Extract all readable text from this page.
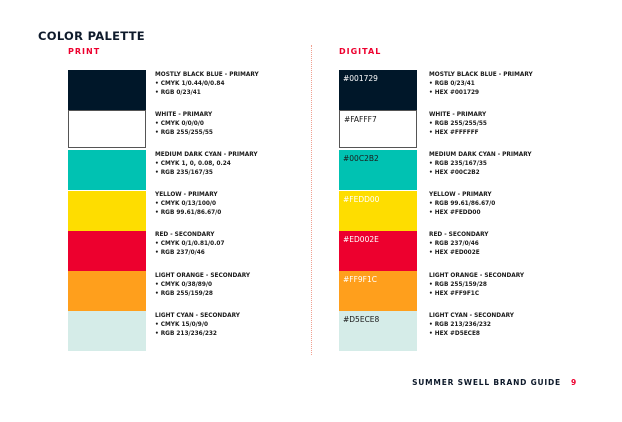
COLOR PALETTE
PRINT	DIGITAL
MOSTLY BLACK BLUE - PRIMARY
• CMYK 1/0.44/0/0.84
• RGB 0/23/41
#001729	MOSTLY BLACK BLUE - PRIMARY
• RGB 0/23/41
• HEX #001729
WHITE - PRIMARY
• CMYK 0/0/0/0
• RGB 255/255/55
#FAFFF7
WHITE - PRIMARY
• RGB 255/255/55
• HEX #FFFFFF
MEDIUM DARK CYAN - PRIMARY
• CMYK 1, 0, 0.08, 0.24
• RGB 235/167/35
#00C2B2	MEDIUM DARK CYAN - PRIMARY
• RGB 235/167/35
• HEX #00C2B2
YELLOW - PRIMARY
• CMYK 0/13/100/0
• RGB 99.61/86.67/0
#FEDD00	YELLOW - PRIMARY
• RGB 99.61/86.67/0
• HEX #FEDD00
RED - SECONDARY
• CMYK 0/1/0.81/0.07
• RGB 237/0/46
#ED002E	RED - SECONDARY
• RGB 237/0/46
• HEX #ED002E
LIGHT ORANGE - SECONDARY
• CMYK 0/38/89/0
• RGB 255/159/28
#FF9F1C	LIGHT ORANGE - SECONDARY
• RGB 255/159/28
• HEX #FF9F1C
LIGHT CYAN - SECONDARY
• CMYK 15/0/9/0
• RGB 213/236/232
#D5ECE8	LIGHT CYAN - SECONDARY
• RGB 213/236/232
• HEX #D5ECE8
SUMMER SWELL BRAND GUIDE 9
